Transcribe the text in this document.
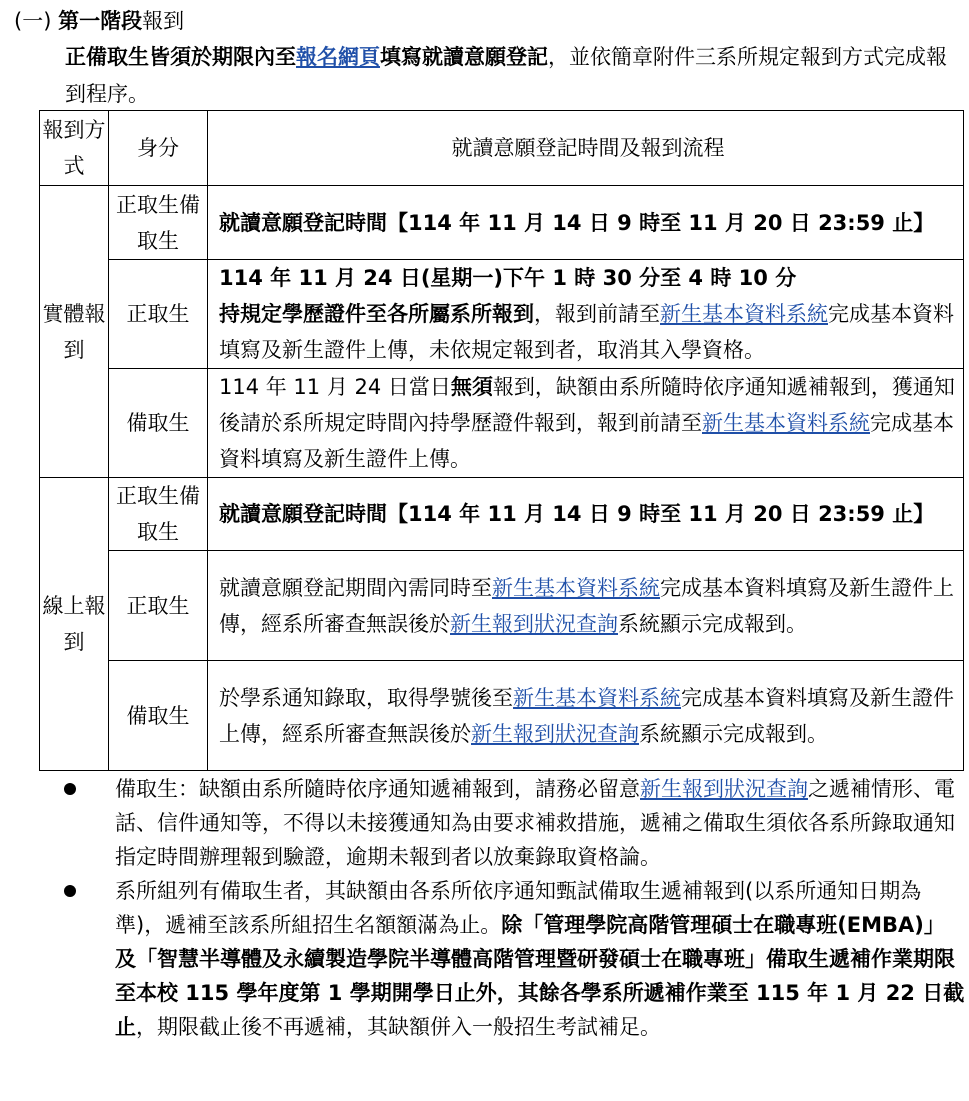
(一) 第一階段報到
正備取生皆須於期限內至報名網頁填寫就讀意願登記，並依簡章附件三系所規定報到方式完成報到程序。
報到方式	身分	就讀意願登記時間及報到流程
實體報到	正取生備取生	就讀意願登記時間【114 年 11 月 14 日 9 時至 11 月 20 日 23:59 止】
	正取生	114 年 11 月 24 日(星期一)下午 1 時 30 分至 4 時 10 分
持規定學歷證件至各所屬系所報到，報到前請至新生基本資料系統完成基本資料填寫及新生證件上傳，未依規定報到者，取消其入學資格。
	備取生	114 年 11 月 24 日當日無須報到，缺額由系所隨時依序通知遞補報到，獲通知後請於系所規定時間內持學歷證件報到，報到前請至新生基本資料系統完成基本資料填寫及新生證件上傳。
線上報到	正取生備取生	就讀意願登記時間【114 年 11 月 14 日 9 時至 11 月 20 日 23:59 止】
	正取生	就讀意願登記期間內需同時至新生基本資料系統完成基本資料填寫及新生證件上傳，經系所審查無誤後於新生報到狀況查詢系統顯示完成報到。
	備取生	於學系通知錄取，取得學號後至新生基本資料系統完成基本資料填寫及新生證件上傳，經系所審查無誤後於新生報到狀況查詢系統顯示完成報到。
備取生：缺額由系所隨時依序通知遞補報到，請務必留意新生報到狀況查詢之遞補情形、電話、信件通知等，不得以未接獲通知為由要求補救措施，遞補之備取生須依各系所錄取通知指定時間辦理報到驗證，逾期未報到者以放棄錄取資格論。
系所組列有備取生者，其缺額由各系所依序通知甄試備取生遞補報到(以系所通知日期為準)，遞補至該系所組招生名額額滿為止。除「管理學院高階管理碩士在職專班(EMBA)」及「智慧半導體及永續製造學院半導體高階管理暨研發碩士在職專班」備取生遞補作業期限至本校 115 學年度第 1 學期開學日止外，其餘各學系所遞補作業至 115 年 1 月 22 日截止，期限截止後不再遞補，其缺額併入一般招生考試補足。
